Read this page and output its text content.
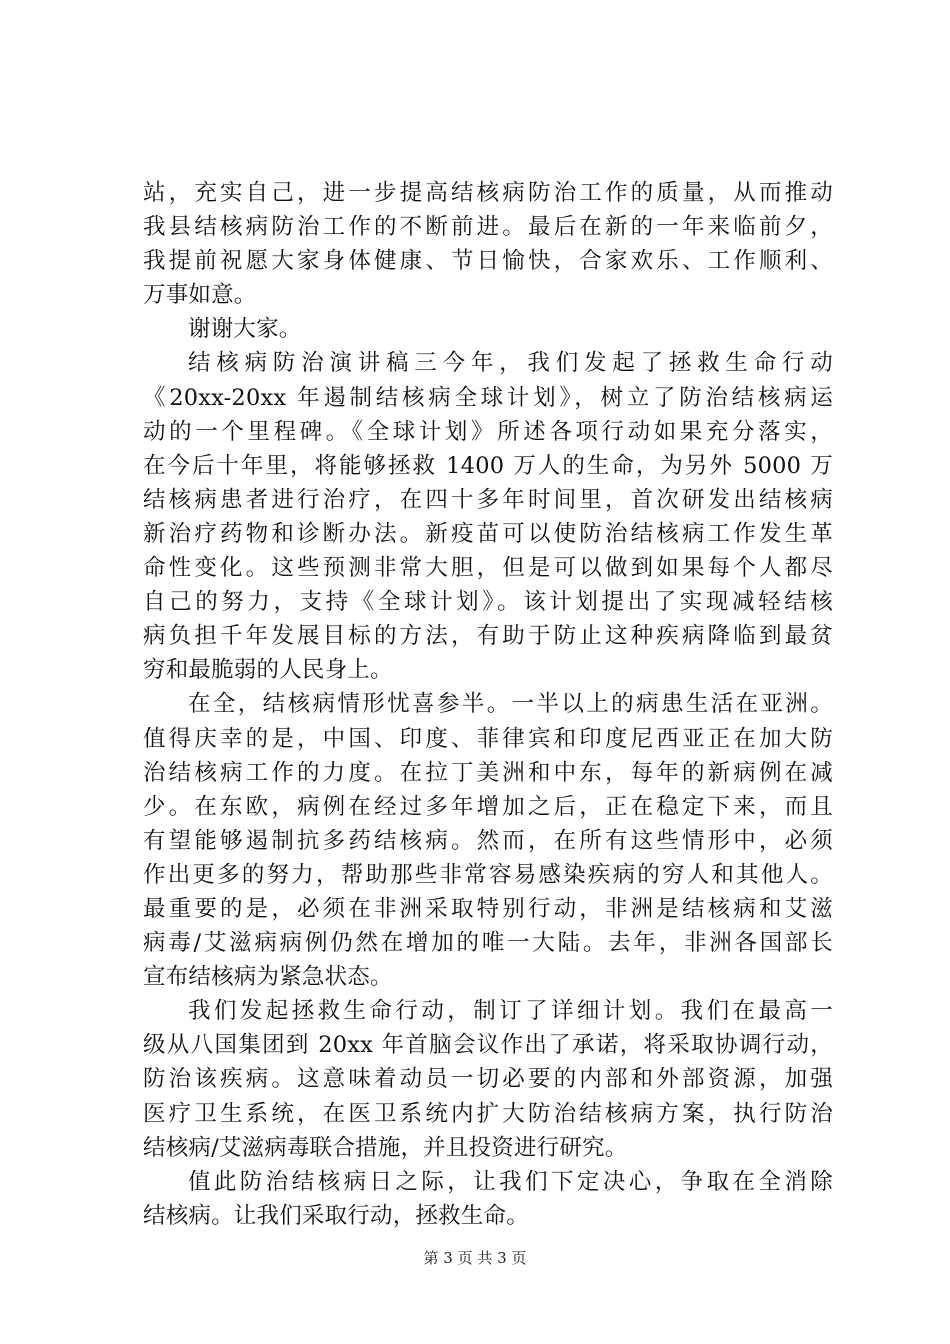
站，充实自己，进一步提高结核病防治工作的质量，从而推动
我县结核病防治工作的不断前进。最后在新的一年来临前夕，
我提前祝愿大家身体健康、节日愉快，合家欢乐、工作顺利、
万事如意。
谢谢大家。
结核病防治演讲稿三今年，我们发起了拯救生命行动
《20xx-20xx 年遏制结核病全球计划》，树立了防治结核病运
动的一个里程碑。《全球计划》所述各项行动如果充分落实，
在今后十年里，将能够拯救 1400 万人的生命，为另外 5000 万
结核病患者进行治疗，在四十多年时间里，首次研发出结核病
新治疗药物和诊断办法。新疫苗可以使防治结核病工作发生革
命性变化。这些预测非常大胆，但是可以做到如果每个人都尽
自己的努力，支持《全球计划》。该计划提出了实现减轻结核
病负担千年发展目标的方法，有助于防止这种疾病降临到最贫
穷和最脆弱的人民身上。
在全，结核病情形忧喜参半。一半以上的病患生活在亚洲。
值得庆幸的是，中国、印度、菲律宾和印度尼西亚正在加大防
治结核病工作的力度。在拉丁美洲和中东，每年的新病例在减
少。在东欧，病例在经过多年增加之后，正在稳定下来，而且
有望能够遏制抗多药结核病。然而，在所有这些情形中，必须
作出更多的努力，帮助那些非常容易感染疾病的穷人和其他人。
最重要的是，必须在非洲采取特别行动，非洲是结核病和艾滋
病毒/艾滋病病例仍然在增加的唯一大陆。去年，非洲各国部长
宣布结核病为紧急状态。
我们发起拯救生命行动，制订了详细计划。我们在最高一
级从八国集团到 20xx 年首脑会议作出了承诺，将采取协调行动，
防治该疾病。这意味着动员一切必要的内部和外部资源，加强
医疗卫生系统，在医卫系统内扩大防治结核病方案，执行防治
结核病/艾滋病毒联合措施，并且投资进行研究。
值此防治结核病日之际，让我们下定决心，争取在全消除
结核病。让我们采取行动，拯救生命。
第 3 页 共 3 页
